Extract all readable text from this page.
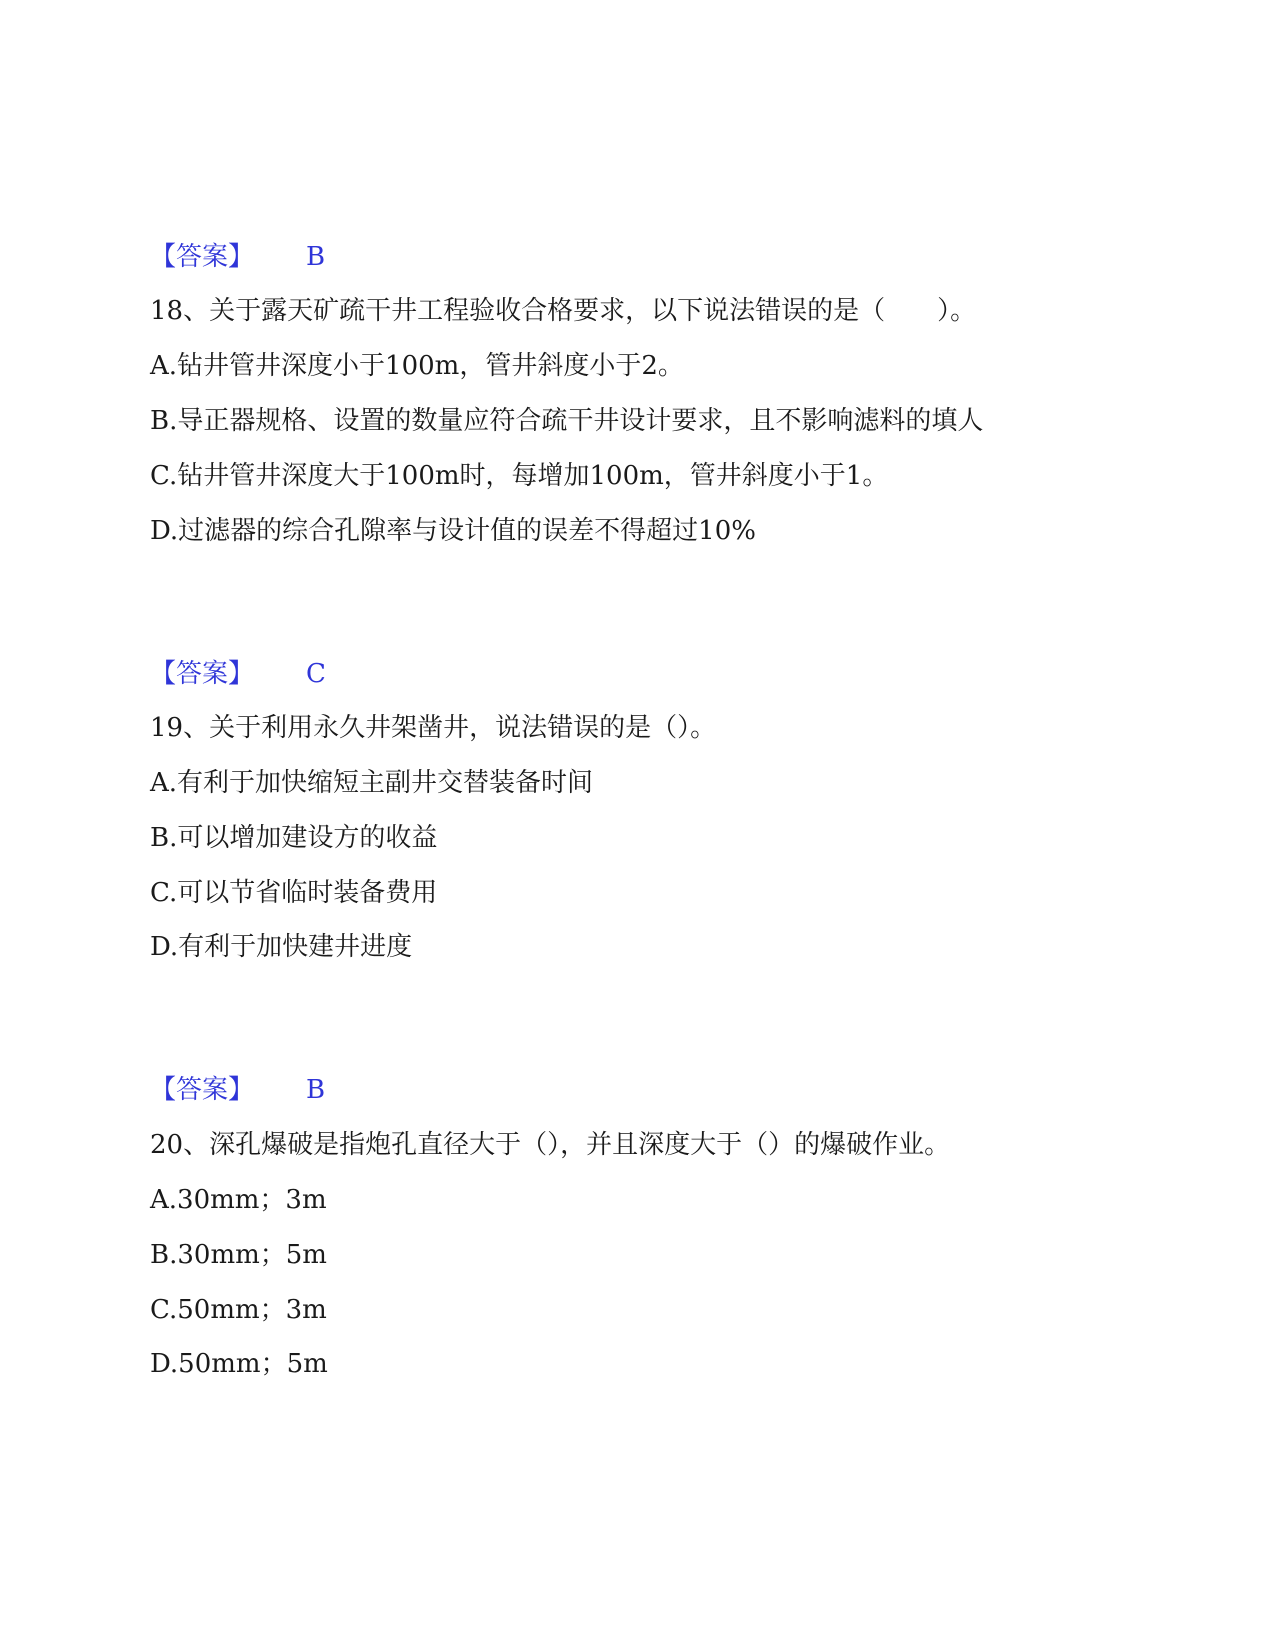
【答案】 B
18、关于露天矿疏干井工程验收合格要求，以下说法错误的是（　　）。
A.钻井管井深度小于100m，管井斜度小于2。
B.导正器规格、设置的数量应符合疏干井设计要求，且不影响滤料的填人
C.钻井管井深度大于100m时，每增加100m，管井斜度小于1。
D.过滤器的综合孔隙率与设计值的误差不得超过10%
【答案】 C
19、关于利用永久井架凿井，说法错误的是（）。
A.有利于加快缩短主副井交替装备时间
B.可以增加建设方的收益
C.可以节省临时装备费用
D.有利于加快建井进度
【答案】 B
20、深孔爆破是指炮孔直径大于（），并且深度大于（）的爆破作业。
A.30mm；3m
B.30mm；5m
C.50mm；3m
D.50mm；5m
